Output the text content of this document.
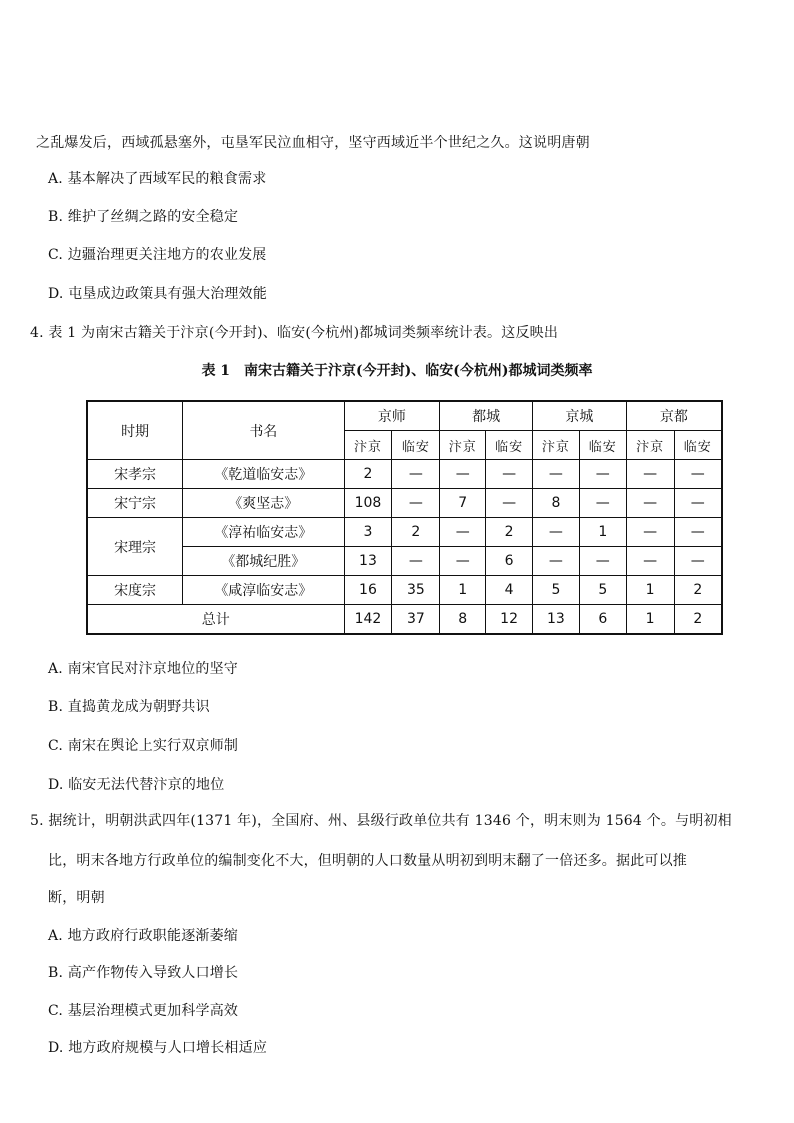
之乱爆发后，西域孤悬塞外，屯垦军民泣血相守，坚守西域近半个世纪之久。这说明唐朝
A. 基本解决了西域军民的粮食需求
B. 维护了丝绸之路的安全稳定
C. 边疆治理更关注地方的农业发展
D. 屯垦成边政策具有强大治理效能
4. 表 1 为南宋古籍关于汴京(今开封)、临安(今杭州)都城词类频率统计表。这反映出
表 1　南宋古籍关于汴京(今开封)、临安(今杭州)都城词类频率
时期	书名	京师		都城		京城		京都	
		汴京	临安	汴京	临安	汴京	临安	汴京	临安
宋孝宗	《乾道临安志》	2	—	—	—	—	—	—	—
宋宁宗	《爽坚志》	108	—	7	—	8	—	—	—
宋理宗	《淳祐临安志》	3	2	—	2	—	1	—	—
	《都城纪胜》	13	—	—	6	—	—	—	—
宋度宗	《咸淳临安志》	16	35	1	4	5	5	1	2
总计		142	37	8	12	13	6	1	2
A. 南宋官民对汴京地位的坚守
B. 直捣黄龙成为朝野共识
C. 南宋在舆论上实行双京师制
D. 临安无法代替汴京的地位
5. 据统计，明朝洪武四年(1371 年)，全国府、州、县级行政单位共有 1346 个，明末则为 1564 个。与明初相
比，明末各地方行政单位的编制变化不大，但明朝的人口数量从明初到明末翻了一倍还多。据此可以推
断，明朝
A. 地方政府行政职能逐渐萎缩
B. 高产作物传入导致人口增长
C. 基层治理模式更加科学高效
D. 地方政府规模与人口增长相适应
